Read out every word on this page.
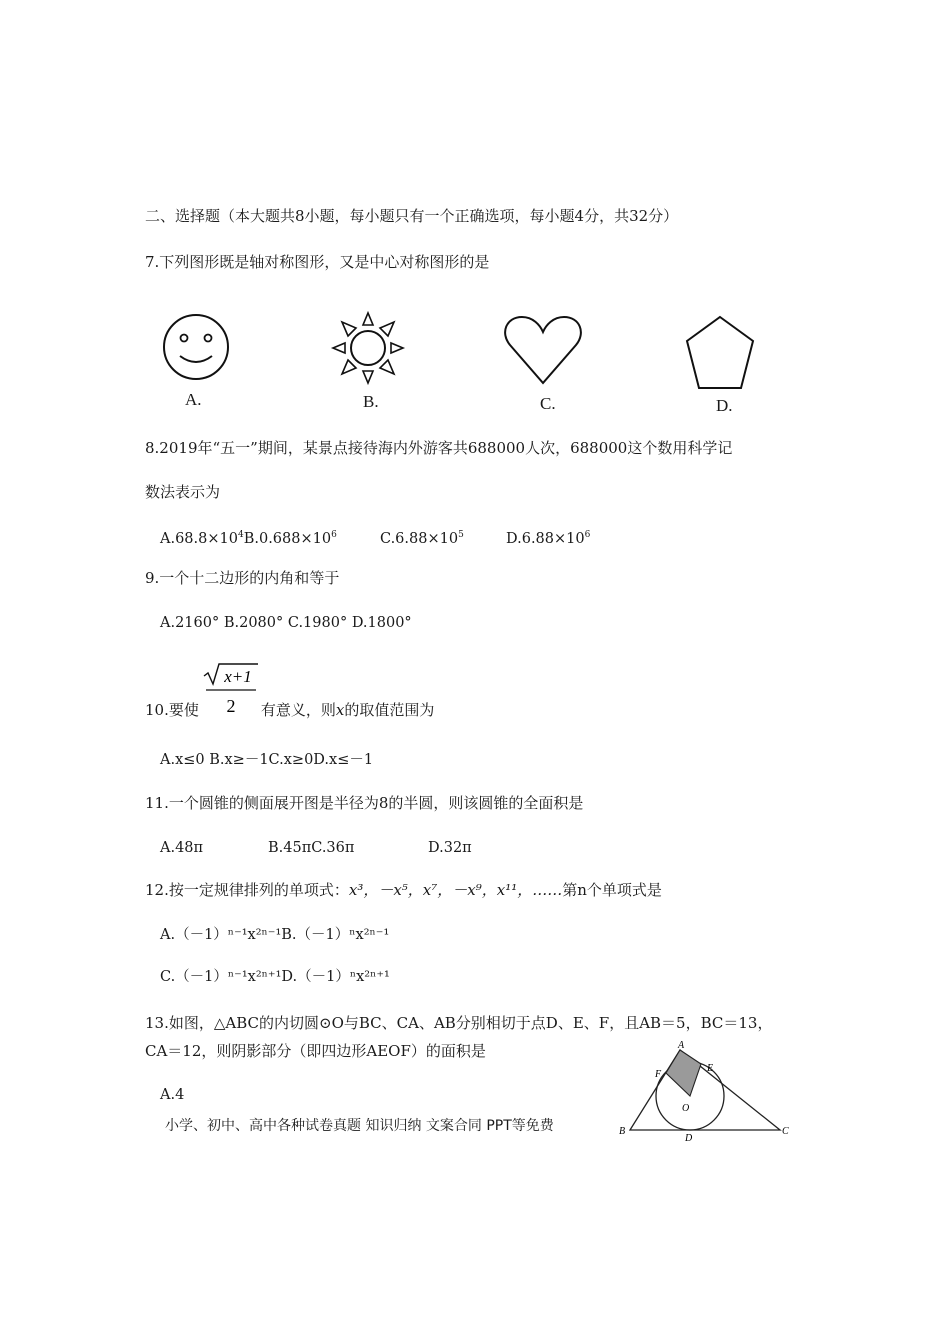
二、选择题（本大题共8小题，每小题只有一个正确选项，每小题4分，共32分）
7.下列图形既是轴对称图形，又是中心对称图形的是
A.	B.	C.	D.
8.2019年“五一”期间，某景点接待海内外游客共688000人次，688000这个数用科学记
数法表示为
$A.68.8\times 10^4B.0.688\times 10^6$	$C.6.88\times 10^5$	$D.6.88\times 10^6$
9.一个十二边形的内角和等于
A.2160° B.2080° C.1980° D.1800°
x+1
2
10.要使	有意义，则x的取值范围为
A.x≤0 B.x≥－1C.x≥0D.x≤－1
11.一个圆锥的侧面展开图是半径为8的半圆，则该圆锥的全面积是
A.48π	B.45πC.36π	D.32π
12.按一定规律排列的单项式：x³，－x⁵，x⁷，－x⁹，x¹¹，……第n个单项式是
A.（－1）ⁿ⁻¹x²ⁿ⁻¹B.（－1）ⁿx²ⁿ⁻¹
C.（－1）ⁿ⁻¹x²ⁿ⁺¹D.（－1）ⁿx²ⁿ⁺¹
13.如图，△ABC的内切圆⊙O与BC、CA、AB分别相切于点D、E、F，且AB＝5，BC＝13，
CA＝12，则阴影部分（即四边形AEOF）的面积是
A.4
A
B	C
D
E
F
O
小学、初中、高中各种试卷真题 知识归纳 文案合同 PPT等免费
